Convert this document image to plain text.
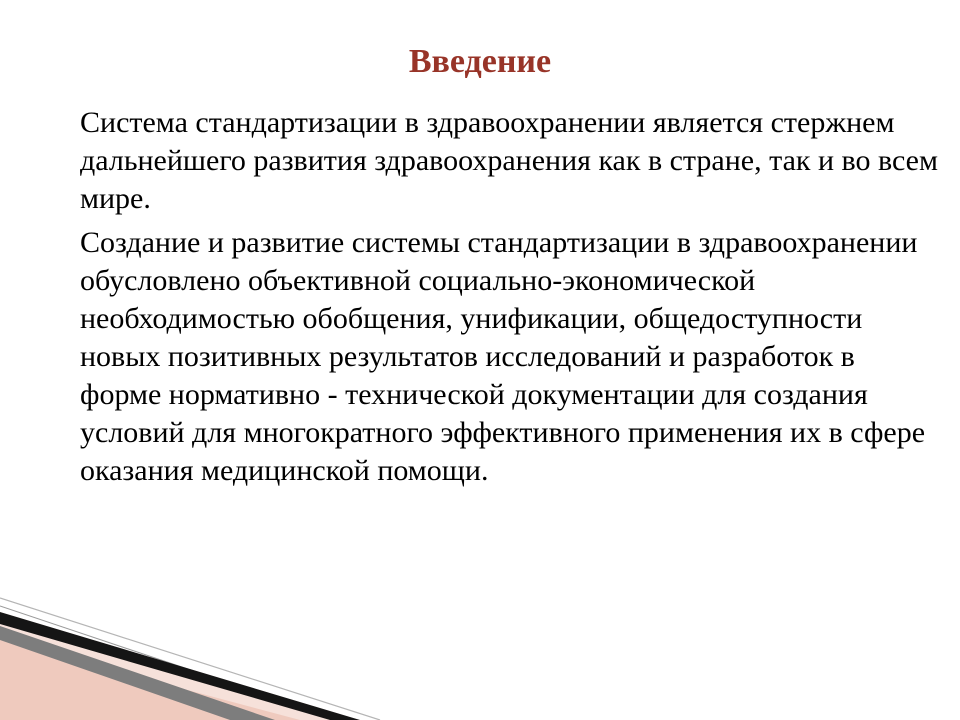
Введение

Система стандартизации в здравоохранении является стержнем дальнейшего развития здравоохранения как в стране, так и во всем мире.

Создание и развитие системы стандартизации в здравоохранении обусловлено объективной социально-экономической необходимостью обобщения, унификации, общедоступности новых позитивных результатов исследований и разработок в форме нормативно - технической документации для создания условий для многократного эффективного применения их в сфере оказания медицинской помощи.
